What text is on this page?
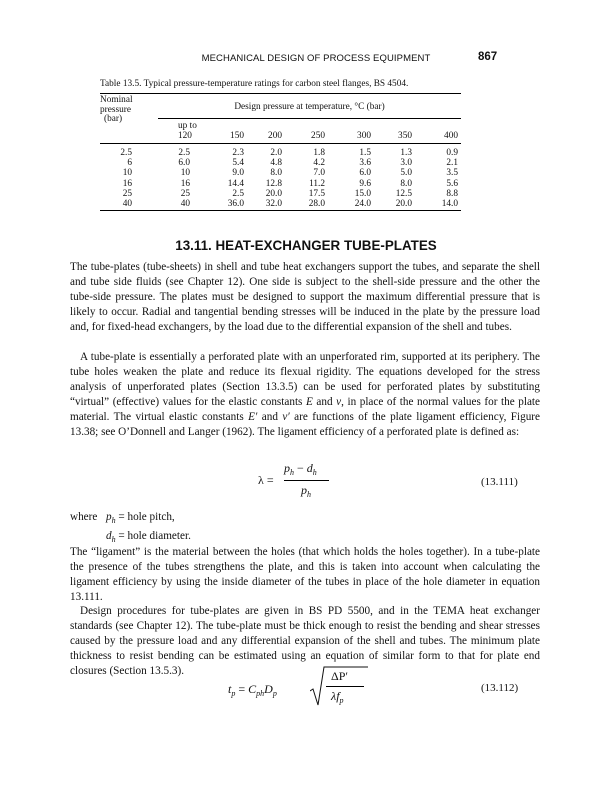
MECHANICAL DESIGN OF PROCESS EQUIPMENT	867
Table 13.5. Typical pressure-temperature ratings for carbon steel flanges, BS 4504.
Nominal
pressure
(bar)
Design pressure at temperature, °C (bar)
up to
120	150	200	250	300	350	400
2.5	2.5	2.3	2.0	1.8	1.5	1.3	0.9
6	6.0	5.4	4.8	4.2	3.6	3.0	2.1
10	10	9.0	8.0	7.0	6.0	5.0	3.5
16	16	14.4	12.8	11.2	9.6	8.0	5.6
25	25	2.5	20.0	17.5	15.0	12.5	8.8
40	40	36.0	32.0	28.0	24.0	20.0	14.0
13.11. HEAT-EXCHANGER TUBE-PLATES

The tube-plates (tube-sheets) in shell and tube heat exchangers support the tubes, and separate the shell and tube side fluids (see Chapter 12). One side is subject to the shell-side pressure and the other the tube-side pressure. The plates must be designed to support the maximum differential pressure that is likely to occur. Radial and tangential bending stresses will be induced in the plate by the pressure load and, for fixed-head exchangers, by the load due to the differential expansion of the shell and tubes.

A tube-plate is essentially a perforated plate with an unperforated rim, supported at its periphery. The tube holes weaken the plate and reduce its flexual rigidity. The equations developed for the stress analysis of unperforated plates (Section 13.3.5) can be used for perforated plates by substituting “virtual” (effective) values for the elastic constants E and v, in place of the normal values for the plate material. The virtual elastic constants E′ and v′ are functions of the plate ligament efficiency, Figure 13.38; see O’Donnell and Langer (1962). The ligament efficiency of a perforated plate is defined as:

λ =
$p_h - d_h$
$p_h$
(13.111)
where $p_h$ = hole pitch,
$d_h$ = hole diameter.

The “ligament” is the material between the holes (that which holds the holes together). In a tube-plate the presence of the tubes strengthens the plate, and this is taken into account when calculating the ligament efficiency by using the inside diameter of the tubes in place of the hole diameter in equation 13.111.

Design procedures for tube-plates are given in BS PD 5500, and in the TEMA heat exchanger standards (see Chapter 12). The tube-plate must be thick enough to resist the bending and shear stresses caused by the pressure load and any differential expansion of the shell and tubes. The minimum plate thickness to resist bending can be estimated using an equation of similar form to that for plate end closures (Section 13.5.3).

$t_p = C_{ph}D_p$
ΔP′
$\lambda f_p$
(13.112)
